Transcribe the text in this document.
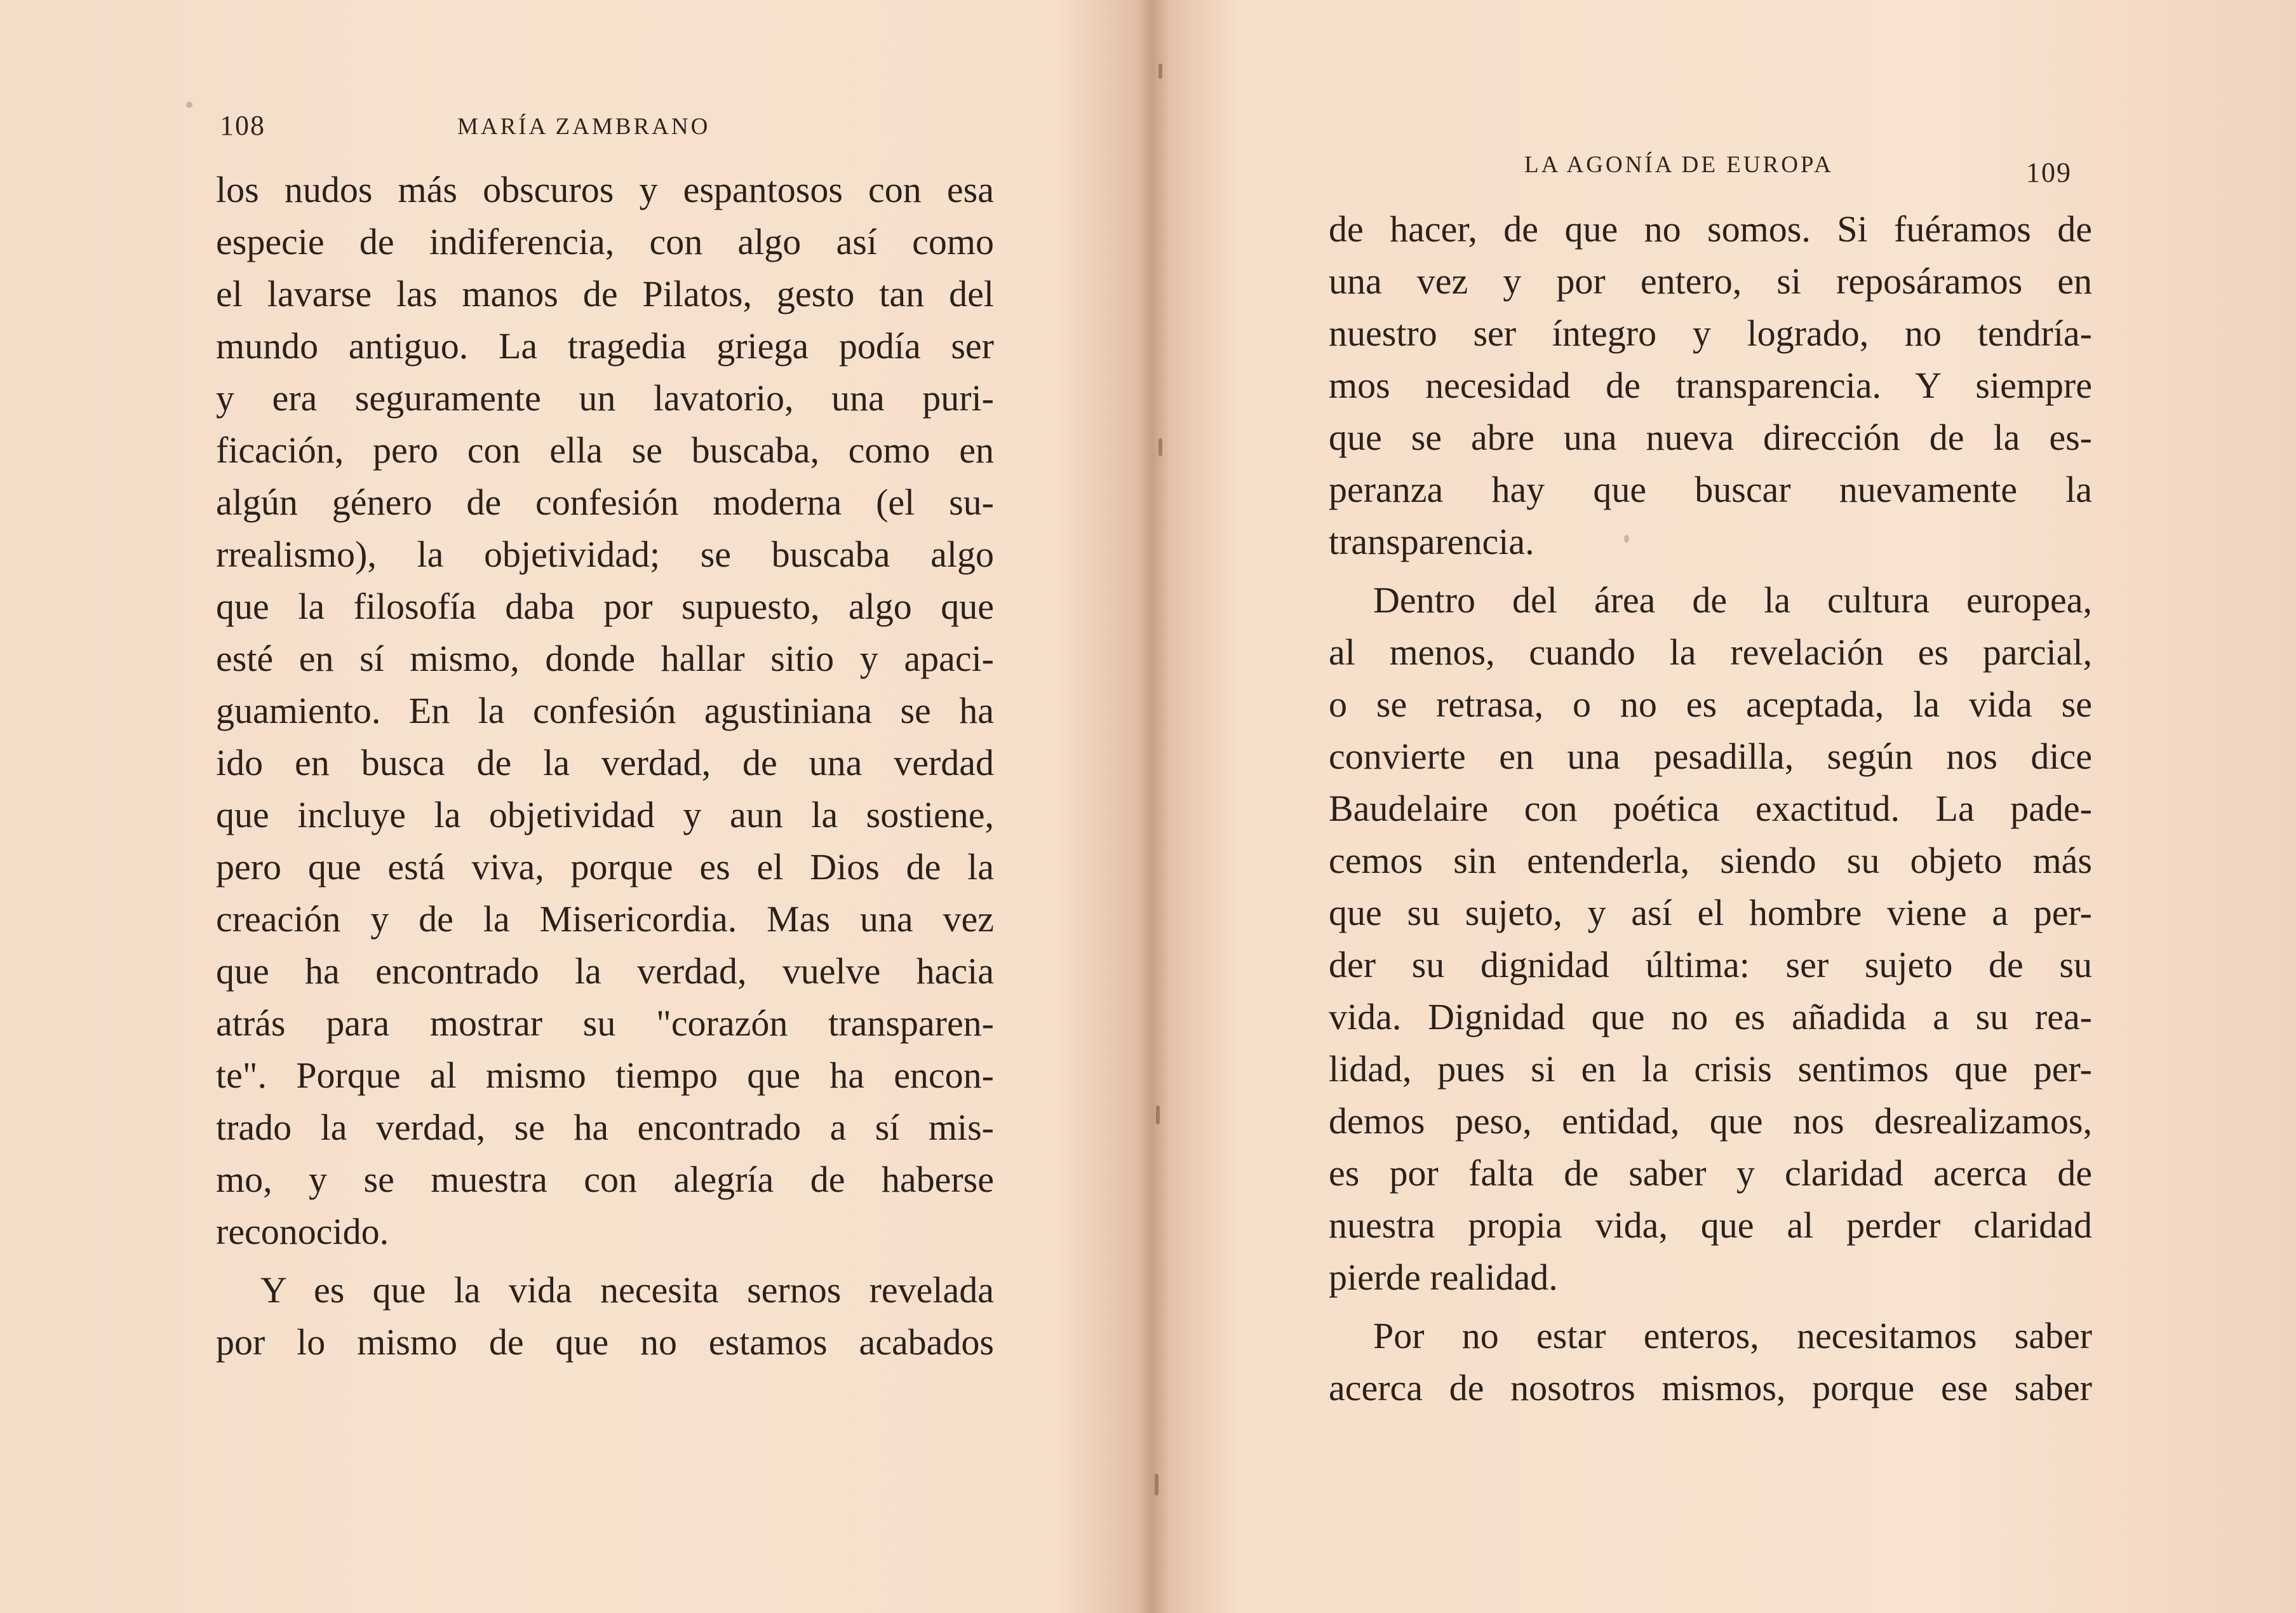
108	MARÍA ZAMBRANO
los nudos más obscuros y espantosos con esa
especie de indiferencia, con algo así como
el lavarse las manos de Pilatos, gesto tan del
mundo antiguo. La tragedia griega podía ser
y era seguramente un lavatorio, una puri-
ficación, pero con ella se buscaba, como en
algún género de confesión moderna (el su-
rrealismo), la objetividad; se buscaba algo
que la filosofía daba por supuesto, algo que
esté en sí mismo, donde hallar sitio y apaci-
guamiento. En la confesión agustiniana se ha
ido en busca de la verdad, de una verdad
que incluye la objetividad y aun la sostiene,
pero que está viva, porque es el Dios de la
creación y de la Misericordia. Mas una vez
que ha encontrado la verdad, vuelve hacia
atrás para mostrar su "corazón transparen-
te". Porque al mismo tiempo que ha encon-
trado la verdad, se ha encontrado a sí mis-
mo, y se muestra con alegría de haberse
reconocido.
Y es que la vida necesita sernos revelada
por lo mismo de que no estamos acabados
LA AGONÍA DE EUROPA	109
de hacer, de que no somos. Si fuéramos de
una vez y por entero, si reposáramos en
nuestro ser íntegro y logrado, no tendría-
mos necesidad de transparencia. Y siempre
que se abre una nueva dirección de la es-
peranza hay que buscar nuevamente la
transparencia.
Dentro del área de la cultura europea,
al menos, cuando la revelación es parcial,
o se retrasa, o no es aceptada, la vida se
convierte en una pesadilla, según nos dice
Baudelaire con poética exactitud. La pade-
cemos sin entenderla, siendo su objeto más
que su sujeto, y así el hombre viene a per-
der su dignidad última: ser sujeto de su
vida. Dignidad que no es añadida a su rea-
lidad, pues si en la crisis sentimos que per-
demos peso, entidad, que nos desrealizamos,
es por falta de saber y claridad acerca de
nuestra propia vida, que al perder claridad
pierde realidad.
Por no estar enteros, necesitamos saber
acerca de nosotros mismos, porque ese saber
